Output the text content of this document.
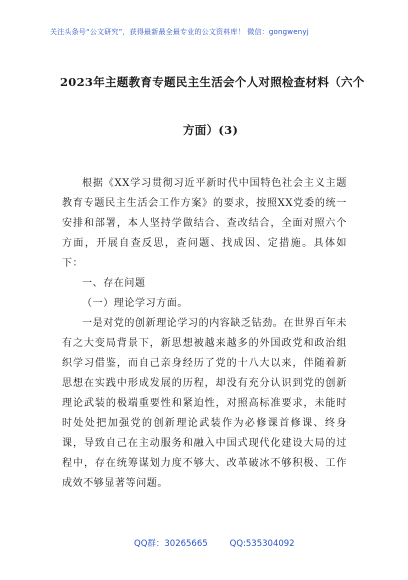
关注头条号“公文研究”，获得最新最全最专业的公文资料库！ 微信：gongwenyj
2023年主题教育专题民主生活会个人对照检查材料（六个
方面）(3)

根据《XX学习贯彻习近平新时代中国特色社会主义主题教育专题民主生活会工作方案》的要求，按照XX党委的统一安排和部署，本人坚持学做结合、查改结合，全面对照六个方面，开展自查反思，查问题、找成因、定措施。具体如下：

一、存在问题

（一）理论学习方面。

一是对党的创新理论学习的内容缺乏钻劲。在世界百年未有之大变局背景下，新思想被越来越多的外国政党和政治组织学习借鉴，而自己亲身经历了党的十八大以来，伴随着新思想在实践中形成发展的历程，却没有充分认识到党的创新理论武装的极端重要性和紧迫性，对照高标准要求，未能时时处处把加强党的创新理论武装作为必修课首修课、终身课，导致自己在主动服务和融入中国式现代化建设大局的过程中，存在统筹谋划力度不够大、改革破冰不够积极、工作成效不够显著等问题。

QQ群：30265665	QQ:535304092
